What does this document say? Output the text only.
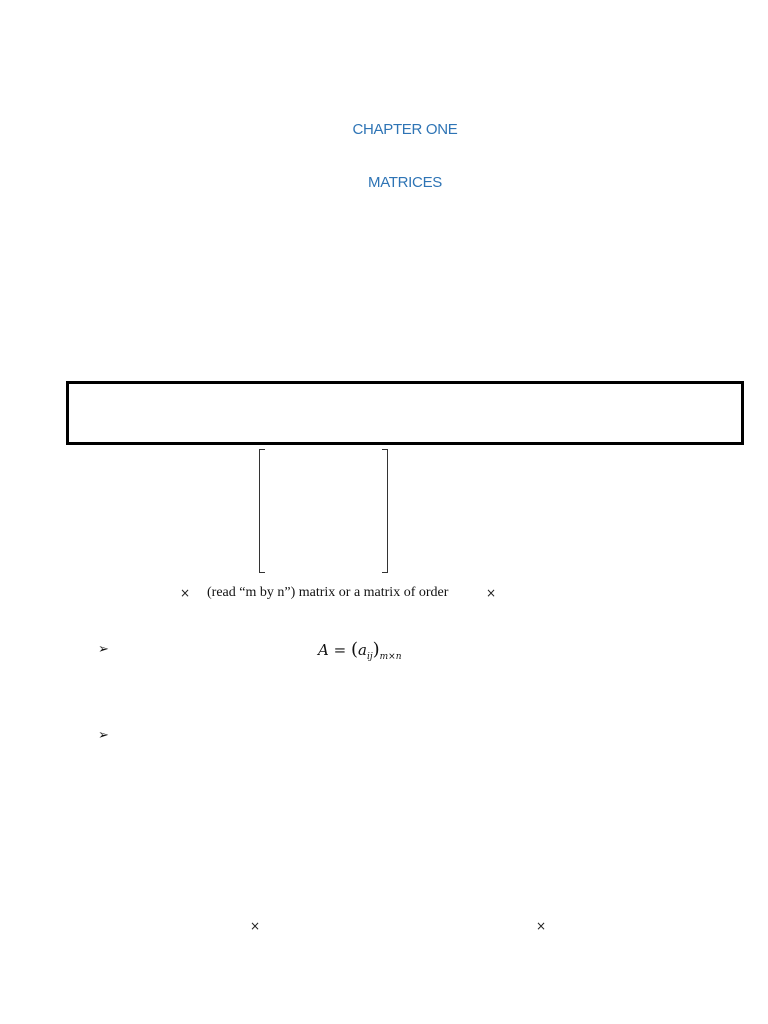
CHAPTER ONE
MATRICES
× (read “m by n”) matrix or a matrix of order	×
➢	$A = (a_{ij})_{m\times n}$
➢
×	×
